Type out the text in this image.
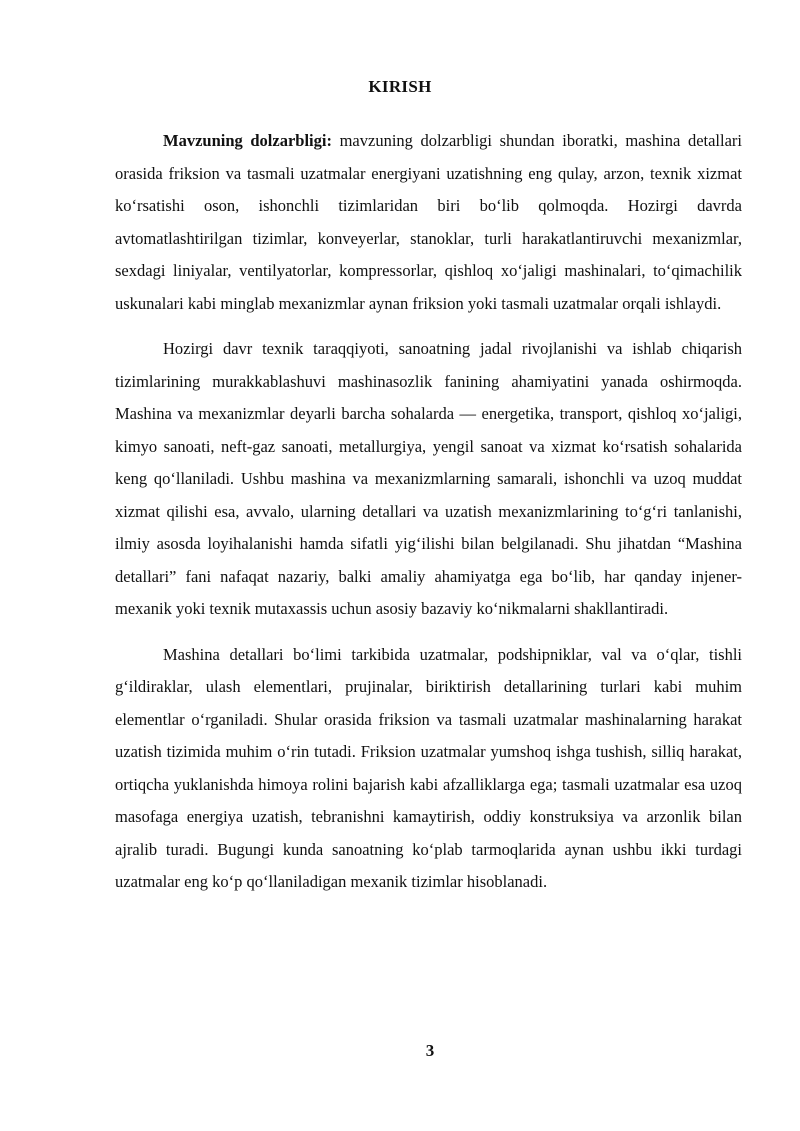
KIRISH

Mavzuning dolzarbligi: mavzuning dolzarbligi shundan iboratki, mashina detallari orasida friksion va tasmali uzatmalar energiyani uzatishning eng qulay, arzon, texnik xizmat koʻrsatishi oson, ishonchli tizimlaridan biri boʻlib qolmoqda. Hozirgi davrda avtomatlashtirilgan tizimlar, konveyerlar, stanoklar, turli harakatlantiruvchi mexanizmlar, sexdagi liniyalar, ventilyatorlar, kompressorlar, qishloq xoʻjaligi mashinalari, toʻqimachilik uskunalari kabi minglab mexanizmlar aynan friksion yoki tasmali uzatmalar orqali ishlaydi.

Hozirgi davr texnik taraqqiyoti, sanoatning jadal rivojlanishi va ishlab chiqarish tizimlarining murakkablashuvi mashinasozlik fanining ahamiyatini yanada oshirmoqda. Mashina va mexanizmlar deyarli barcha sohalarda — energetika, transport, qishloq xoʻjaligi, kimyo sanoati, neft-gaz sanoati, metallurgiya, yengil sanoat va xizmat koʻrsatish sohalarida keng qoʻllaniladi. Ushbu mashina va mexanizmlarning samarali, ishonchli va uzoq muddat xizmat qilishi esa, avvalo, ularning detallari va uzatish mexanizmlarining toʻgʻri tanlanishi, ilmiy asosda loyihalanishi hamda sifatli yigʻilishi bilan belgilanadi. Shu jihatdan “Mashina detallari” fani nafaqat nazariy, balki amaliy ahamiyatga ega boʻlib, har qanday injener-mexanik yoki texnik mutaxassis uchun asosiy bazaviy koʻnikmalarni shakllantiradi.

Mashina detallari boʻlimi tarkibida uzatmalar, podshipniklar, val va oʻqlar, tishli gʻildiraklar, ulash elementlari, prujinalar, biriktirish detallarining turlari kabi muhim elementlar oʻrganiladi. Shular orasida friksion va tasmali uzatmalar mashinalarning harakat uzatish tizimida muhim oʻrin tutadi. Friksion uzatmalar yumshoq ishga tushish, silliq harakat, ortiqcha yuklanishda himoya rolini bajarish kabi afzalliklarga ega; tasmali uzatmalar esa uzoq masofaga energiya uzatish, tebranishni kamaytirish, oddiy konstruksiya va arzonlik bilan ajralib turadi. Bugungi kunda sanoatning koʻplab tarmoqlarida aynan ushbu ikki turdagi uzatmalar eng koʻp qoʻllaniladigan mexanik tizimlar hisoblanadi.

3
